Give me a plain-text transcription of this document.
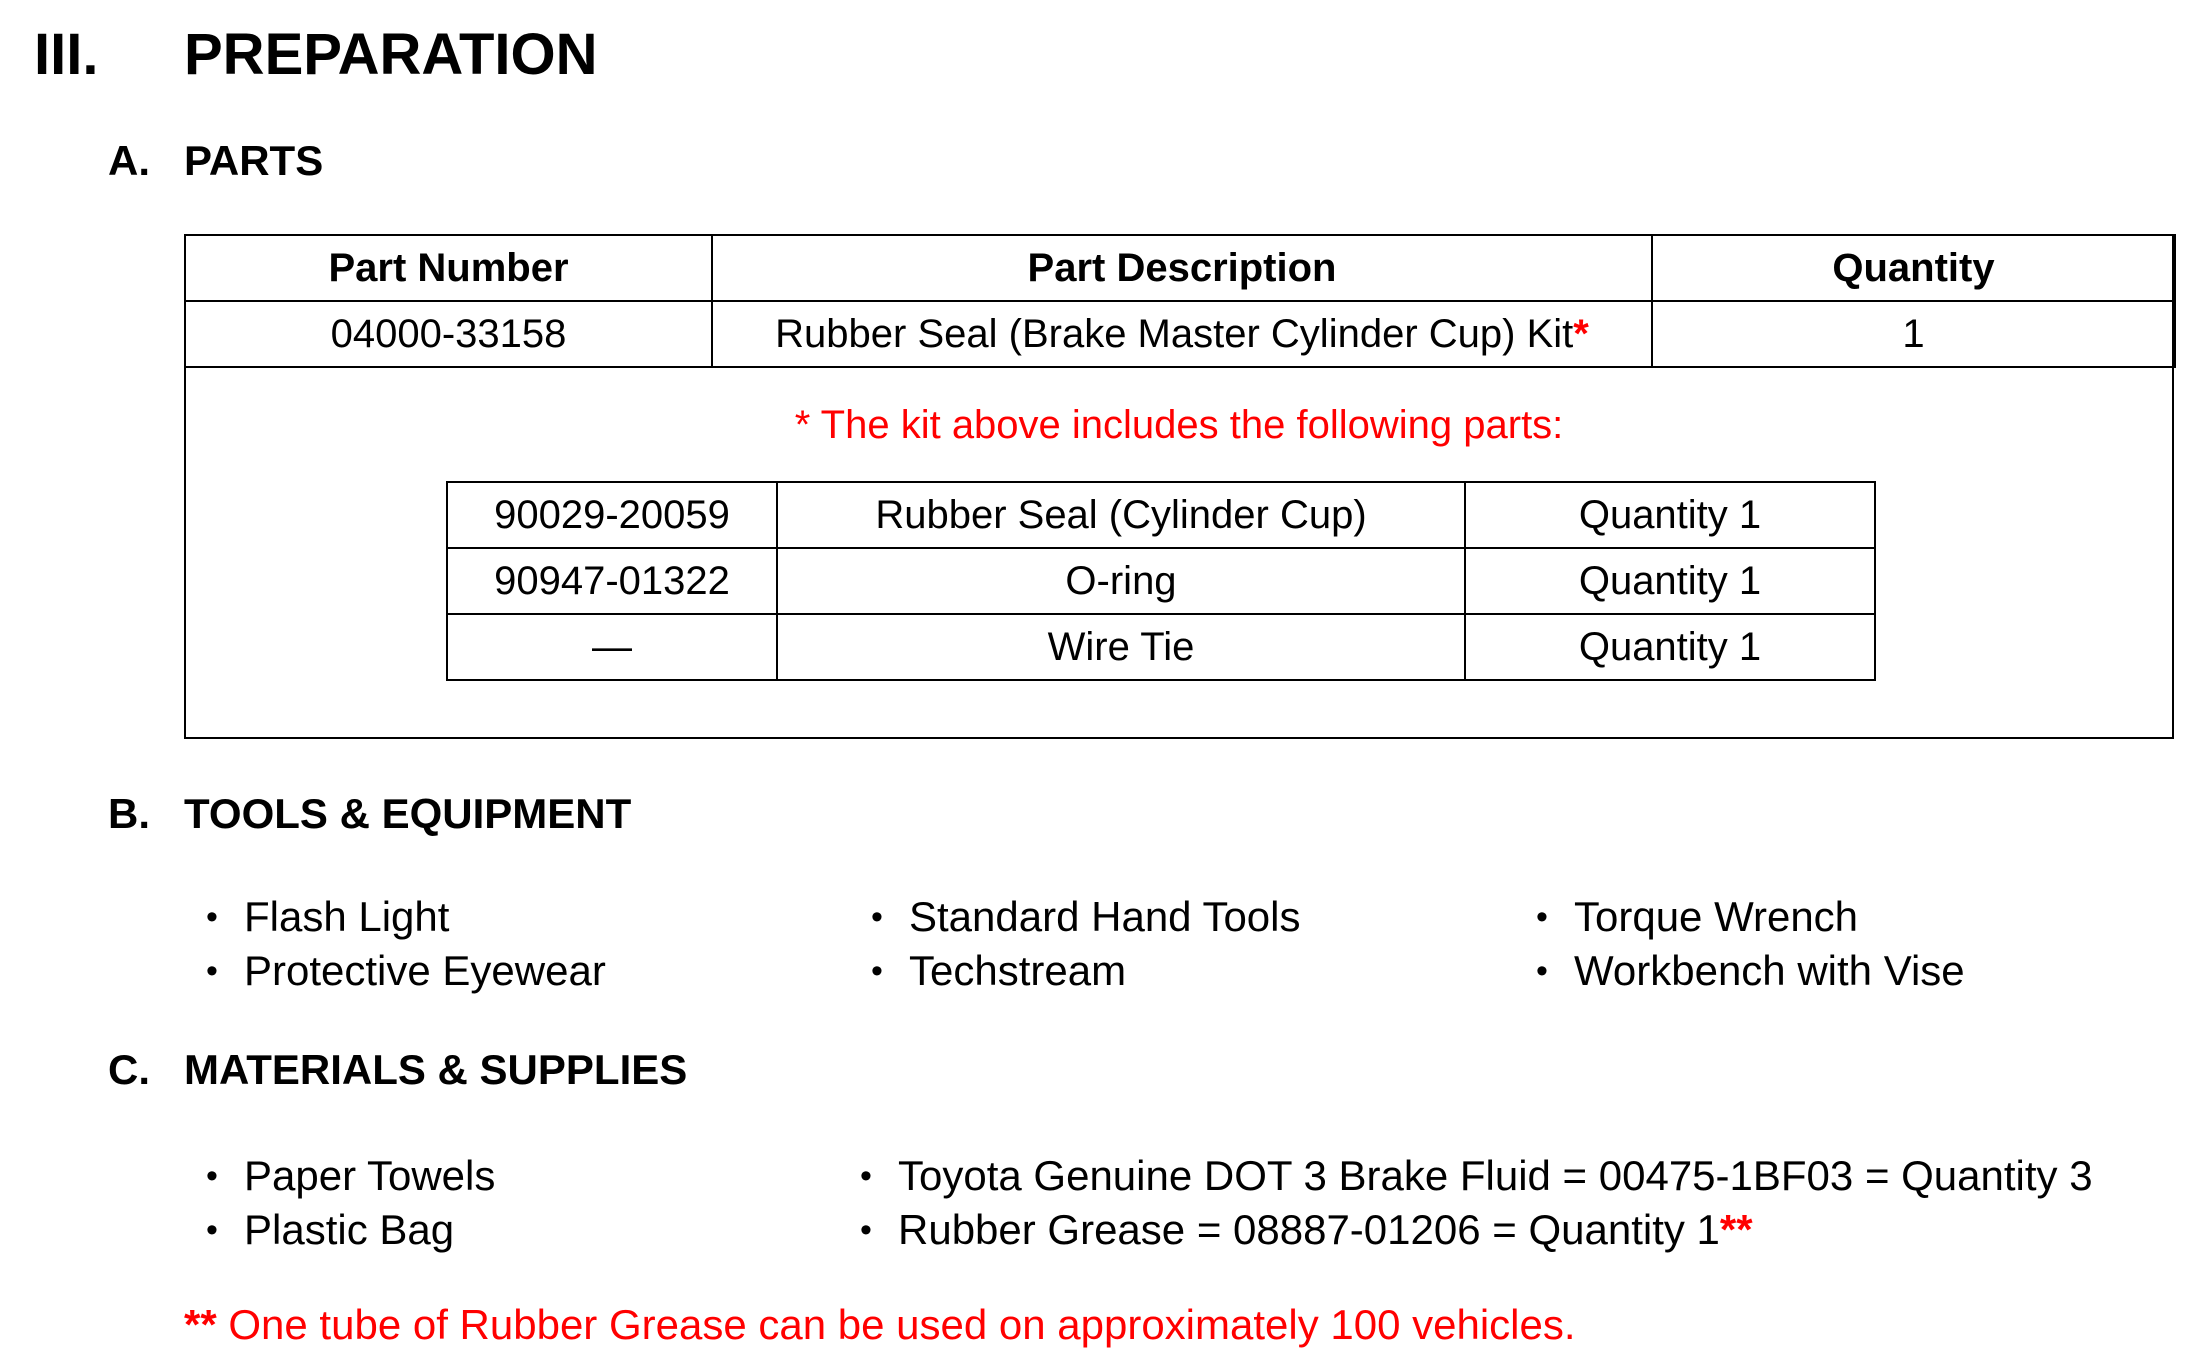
III. PREPARATION
A. PARTS
Part Number	Part Description	Quantity
04000-33158	Rubber Seal (Brake Master Cylinder Cup) Kit*	1
* The kit above includes the following parts:
90029-20059	Rubber Seal (Cylinder Cup)	Quantity 1
90947-01322	O-ring	Quantity 1
—	Wire Tie	Quantity 1
B. TOOLS & EQUIPMENT
• Flash Light
• Protective Eyewear
• Standard Hand Tools
• Techstream
• Torque Wrench
• Workbench with Vise
C. MATERIALS & SUPPLIES
• Paper Towels
• Plastic Bag
• Toyota Genuine DOT 3 Brake Fluid = 00475-1BF03 = Quantity 3
• Rubber Grease = 08887-01206 = Quantity 1**
** One tube of Rubber Grease can be used on approximately 100 vehicles.
